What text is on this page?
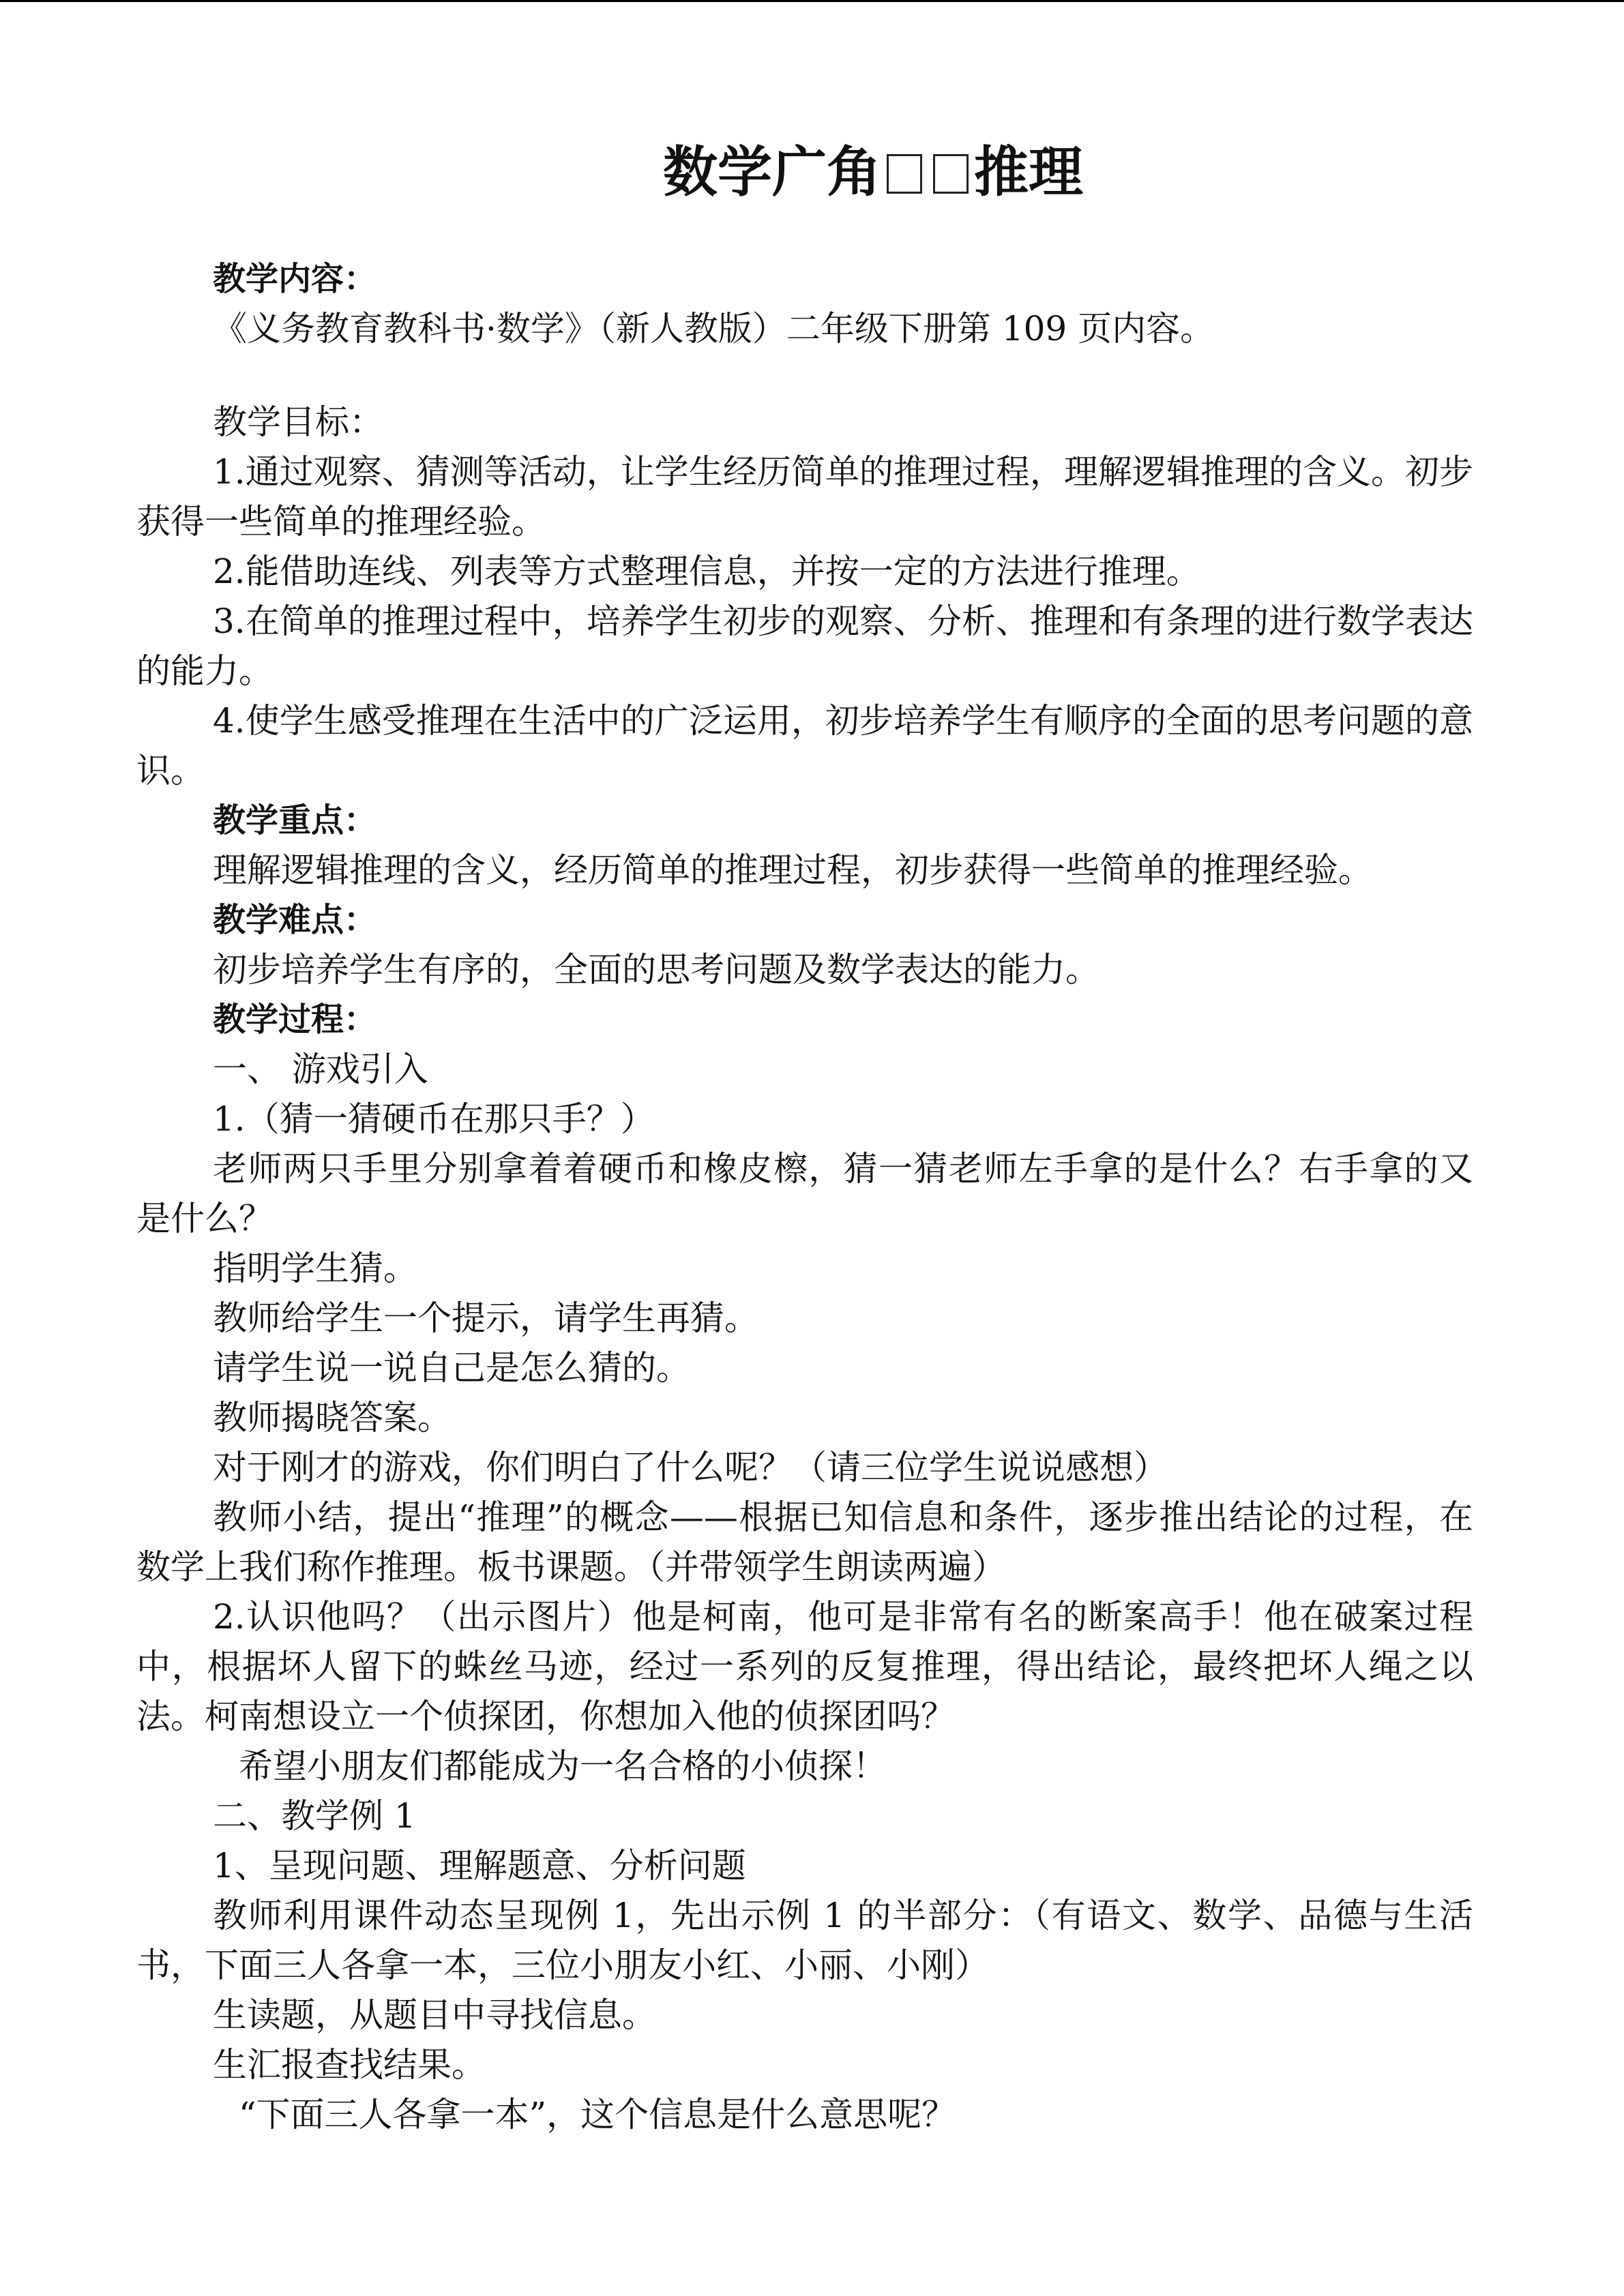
数学广角 推理

教学内容：

《义务教育教科书·数学》（新人教版）二年级下册第 109 页内容。

教学目标：

1.通过观察、猜测等活动，让学生经历简单的推理过程，理解逻辑推理的含义。初步获得一些简单的推理经验。

2.能借助连线、列表等方式整理信息，并按一定的方法进行推理。

3.在简单的推理过程中，培养学生初步的观察、分析、推理和有条理的进行数学表达的能力。

4.使学生感受推理在生活中的广泛运用，初步培养学生有顺序的全面的思考问题的意识。

教学重点：

理解逻辑推理的含义，经历简单的推理过程，初步获得一些简单的推理经验。

教学难点：

初步培养学生有序的，全面的思考问题及数学表达的能力。

教学过程：

一、 游戏引入

1.（猜一猜硬币在那只手？）

老师两只手里分别拿着着硬币和橡皮檫，猜一猜老师左手拿的是什么？右手拿的又是什么？

指明学生猜。

教师给学生一个提示，请学生再猜。

请学生说一说自己是怎么猜的。

教师揭晓答案。

对于刚才的游戏，你们明白了什么呢？（请三位学生说说感想）

教师小结，提出“推理”的概念——根据已知信息和条件，逐步推出结论的过程，在数学上我们称作推理。板书课题。（并带领学生朗读两遍）

2.认识他吗？（出示图片）他是柯南，他可是非常有名的断案高手！他在破案过程中，根据坏人留下的蛛丝马迹，经过一系列的反复推理，得出结论，最终把坏人绳之以法。柯南想设立一个侦探团，你想加入他的侦探团吗？

希望小朋友们都能成为一名合格的小侦探！

二、教学例 1

1、呈现问题、理解题意、分析问题

教师利用课件动态呈现例 1，先出示例 1 的半部分：（有语文、数学、品德与生活书，下面三人各拿一本，三位小朋友小红、小丽、小刚）

生读题，从题目中寻找信息。

生汇报查找结果。

“下面三人各拿一本”，这个信息是什么意思呢？
